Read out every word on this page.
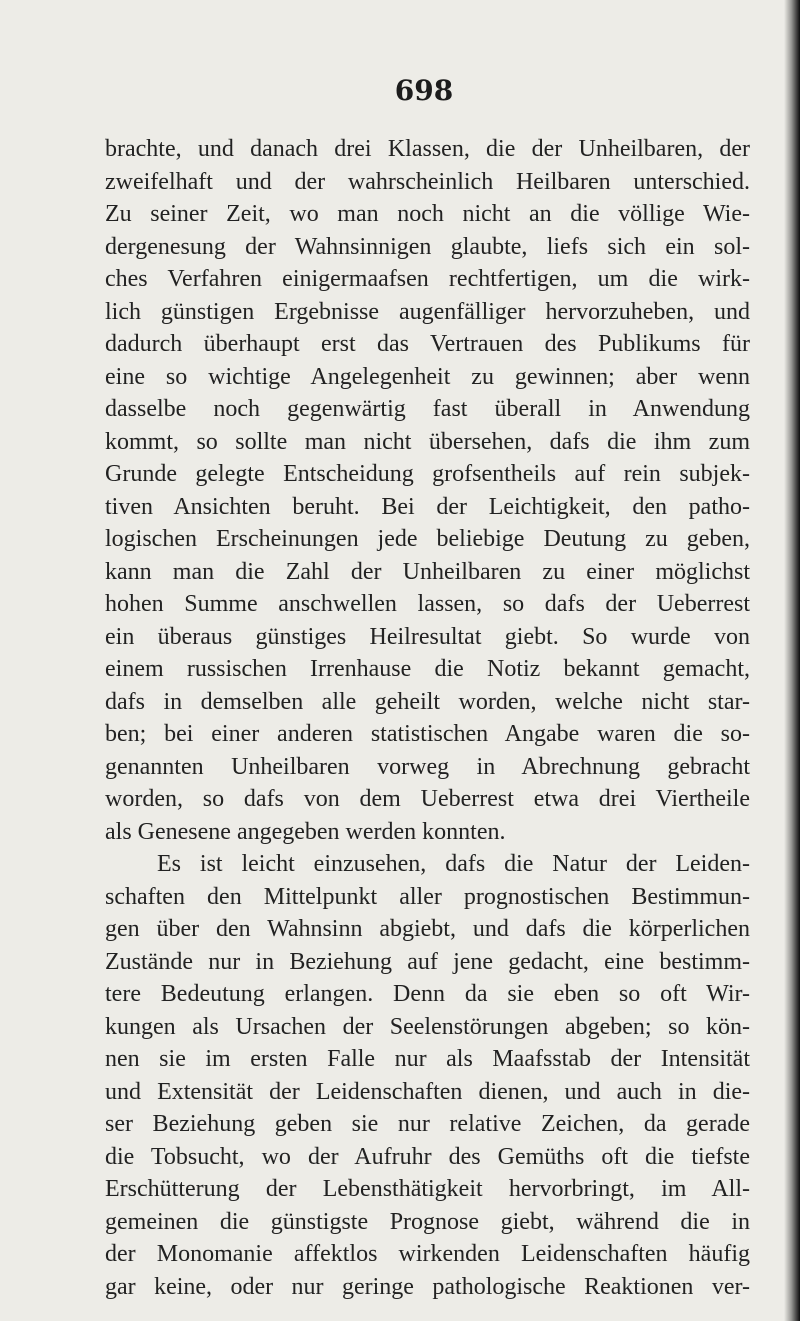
698
brachte, und danach drei Klassen, die der Unheilbaren, der
zweifelhaft und der wahrscheinlich Heilbaren unterschied.
Zu seiner Zeit, wo man noch nicht an die völlige Wie-
dergenesung der Wahnsinnigen glaubte, liefs sich ein sol-
ches Verfahren einigermaafsen rechtfertigen, um die wirk-
lich günstigen Ergebnisse augenfälliger hervorzuheben, und
dadurch überhaupt erst das Vertrauen des Publikums für
eine so wichtige Angelegenheit zu gewinnen; aber wenn
dasselbe noch gegenwärtig fast überall in Anwendung
kommt, so sollte man nicht übersehen, dafs die ihm zum
Grunde gelegte Entscheidung grofsentheils auf rein subjek-
tiven Ansichten beruht. Bei der Leichtigkeit, den patho-
logischen Erscheinungen jede beliebige Deutung zu geben,
kann man die Zahl der Unheilbaren zu einer möglichst
hohen Summe anschwellen lassen, so dafs der Ueberrest
ein überaus günstiges Heilresultat giebt. So wurde von
einem russischen Irrenhause die Notiz bekannt gemacht,
dafs in demselben alle geheilt worden, welche nicht star-
ben; bei einer anderen statistischen Angabe waren die so-
genannten Unheilbaren vorweg in Abrechnung gebracht
worden, so dafs von dem Ueberrest etwa drei Viertheile
als Genesene angegeben werden konnten.
Es ist leicht einzusehen, dafs die Natur der Leiden-
schaften den Mittelpunkt aller prognostischen Bestimmun-
gen über den Wahnsinn abgiebt, und dafs die körperlichen
Zustände nur in Beziehung auf jene gedacht, eine bestimm-
tere Bedeutung erlangen. Denn da sie eben so oft Wir-
kungen als Ursachen der Seelenstörungen abgeben; so kön-
nen sie im ersten Falle nur als Maafsstab der Intensität
und Extensität der Leidenschaften dienen, und auch in die-
ser Beziehung geben sie nur relative Zeichen, da gerade
die Tobsucht, wo der Aufruhr des Gemüths oft die tiefste
Erschütterung der Lebensthätigkeit hervorbringt, im All-
gemeinen die günstigste Prognose giebt, während die in
der Monomanie affektlos wirkenden Leidenschaften häufig
gar keine, oder nur geringe pathologische Reaktionen ver-
